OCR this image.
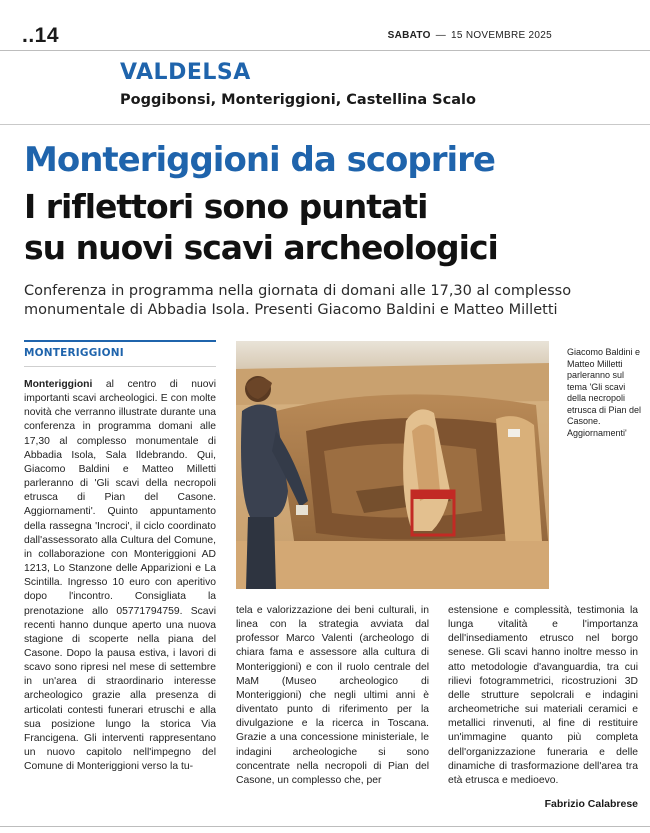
..14	SABATO — 15 NOVEMBRE 2025
VALDELSA
Poggibonsi, Monteriggioni, Castellina Scalo
Monteriggioni da scoprire
I riflettori sono puntati
su nuovi scavi archeologici
Conferenza in programma nella giornata di domani alle 17,30 al complesso monumentale di Abbadia Isola. Presenti Giacomo Baldini e Matteo Milletti
MONTERIGGIONI
Monteriggioni al centro di nuovi importanti scavi archeologici. E con molte novità che verranno illustrate durante una conferenza in programma domani alle 17,30 al complesso monumentale di Abbadia Isola, Sala Ildebrando. Qui, Giacomo Baldini e Matteo Milletti parleranno di 'Gli scavi della necropoli etrusca di Pian del Casone. Aggiornamenti'. Quinto appuntamento della rassegna 'Incroci', il ciclo coordinato dall'assessorato alla Cultura del Comune, in collaborazione con Monteriggioni AD 1213, Lo Stanzone delle Apparizioni e La Scintilla. Ingresso 10 euro con aperitivo dopo l'incontro. Consigliata la prenotazione allo 05771794759. Scavi recenti hanno dunque aperto una nuova stagione di scoperte nella piana del Casone. Dopo la pausa estiva, i lavori di scavo sono ripresi nel mese di settembre in un'area di straordinario interesse archeologico grazie alla presenza di articolati contesti funerari etruschi e alla sua posizione lungo la storica Via Francigena. Gli interventi rappresentano un nuovo capitolo nell'impegno del Comune di Monteriggioni verso la tu-
tela e valorizzazione dei beni culturali, in linea con la strategia avviata dal professor Marco Valenti (archeologo di chiara fama e assessore alla cultura di Monteriggioni) e con il ruolo centrale del MaM (Museo archeologico di Monteriggioni) che negli ultimi anni è diventato punto di riferimento per la divulgazione e la ricerca in Toscana. Grazie a una concessione ministeriale, le indagini archeologiche si sono concentrate nella necropoli di Pian del Casone, un complesso che, per
estensione e complessità, testimonia la lunga vitalità e l'importanza dell'insediamento etrusco nel borgo senese. Gli scavi hanno inoltre messo in atto metodologie d'avanguardia, tra cui rilievi fotogrammetrici, ricostruzioni 3D delle strutture sepolcrali e indagini archeometriche sui materiali ceramici e metallici rinvenuti, al fine di restituire un'immagine quanto più completa dell'organizzazione funeraria e delle dinamiche di trasformazione dell'area tra età etrusca e medioevo.
Fabrizio Calabrese
Giacomo Baldini e Matteo Milletti parleranno sul tema 'Gli scavi della necropoli etrusca di Pian del Casone. Aggiornamenti'
